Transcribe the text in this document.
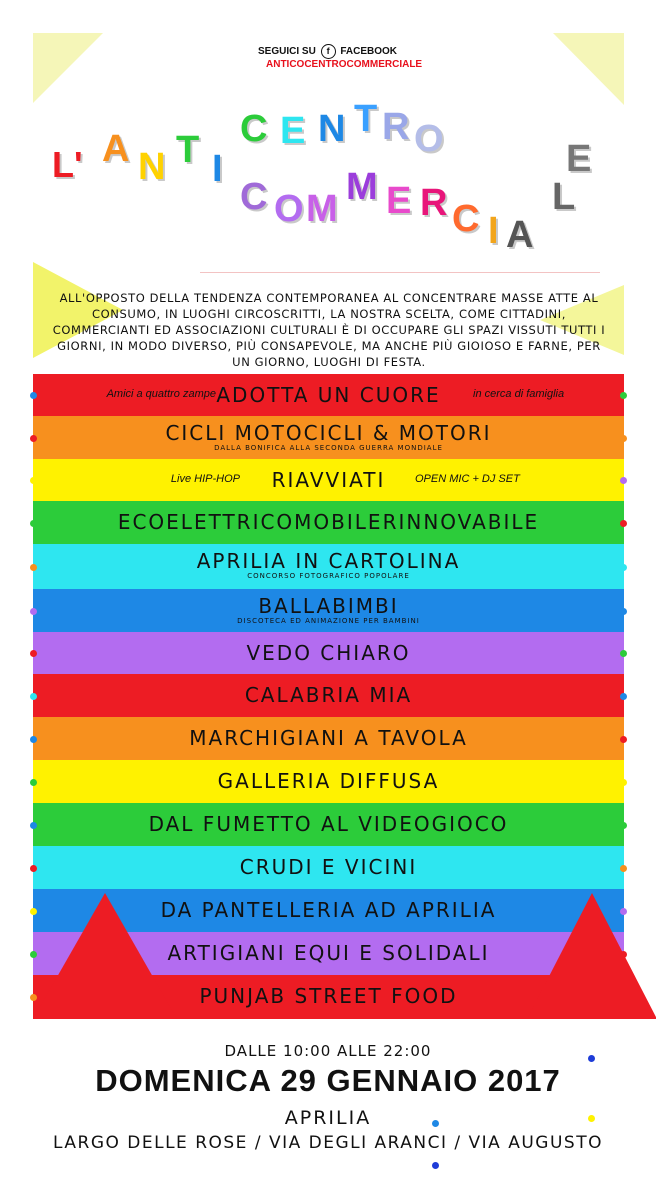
SEGUICI SU f FACEBOOK
ANTICOCENTROCOMMERCIALE
L' A N T I
C E N T R O
C O M
M E R C I A
L
E
ALL'OPPOSTO DELLA TENDENZA CONTEMPORANEA AL CONCENTRARE MASSE ATTE AL CONSUMO, IN LUOGHI CIRCOSCRITTI, LA NOSTRA SCELTA, COME CITTADINI, COMMERCIANTI ED ASSOCIAZIONI CULTURALI È DI OCCUPARE GLI SPAZI VISSUTI TUTTI I GIORNI, IN MODO DIVERSO, PIÙ CONSAPEVOLE, MA ANCHE PIÙ GIOIOSO E FARNE, PER UN GIORNO, LUOGHI DI FESTA.
ADOTTA UN CUORE
Amici a quattro zampe	in cerca di famiglia
CICLI MOTOCICLI & MOTORI
DALLA BONIFICA ALLA SECONDA GUERRA MONDIALE
RIAVVIATI
Live HIP-HOP	OPEN MIC + DJ SET
ECOELETTRICOMOBILERINNOVABILE
APRILIA IN CARTOLINA
CONCORSO FOTOGRAFICO POPOLARE
BALLABIMBI
DISCOTECA ED ANIMAZIONE PER BAMBINI
VEDO CHIARO
CALABRIA MIA
MARCHIGIANI A TAVOLA
GALLERIA DIFFUSA
DAL FUMETTO AL VIDEOGIOCO
CRUDI E VICINI
DA PANTELLERIA AD APRILIA
ARTIGIANI EQUI E SOLIDALI
PUNJAB STREET FOOD
DALLE 10:00 ALLE 22:00
DOMENICA 29 GENNAIO 2017
APRILIA
LARGO DELLE ROSE / VIA DEGLI ARANCI / VIA AUGUSTO
